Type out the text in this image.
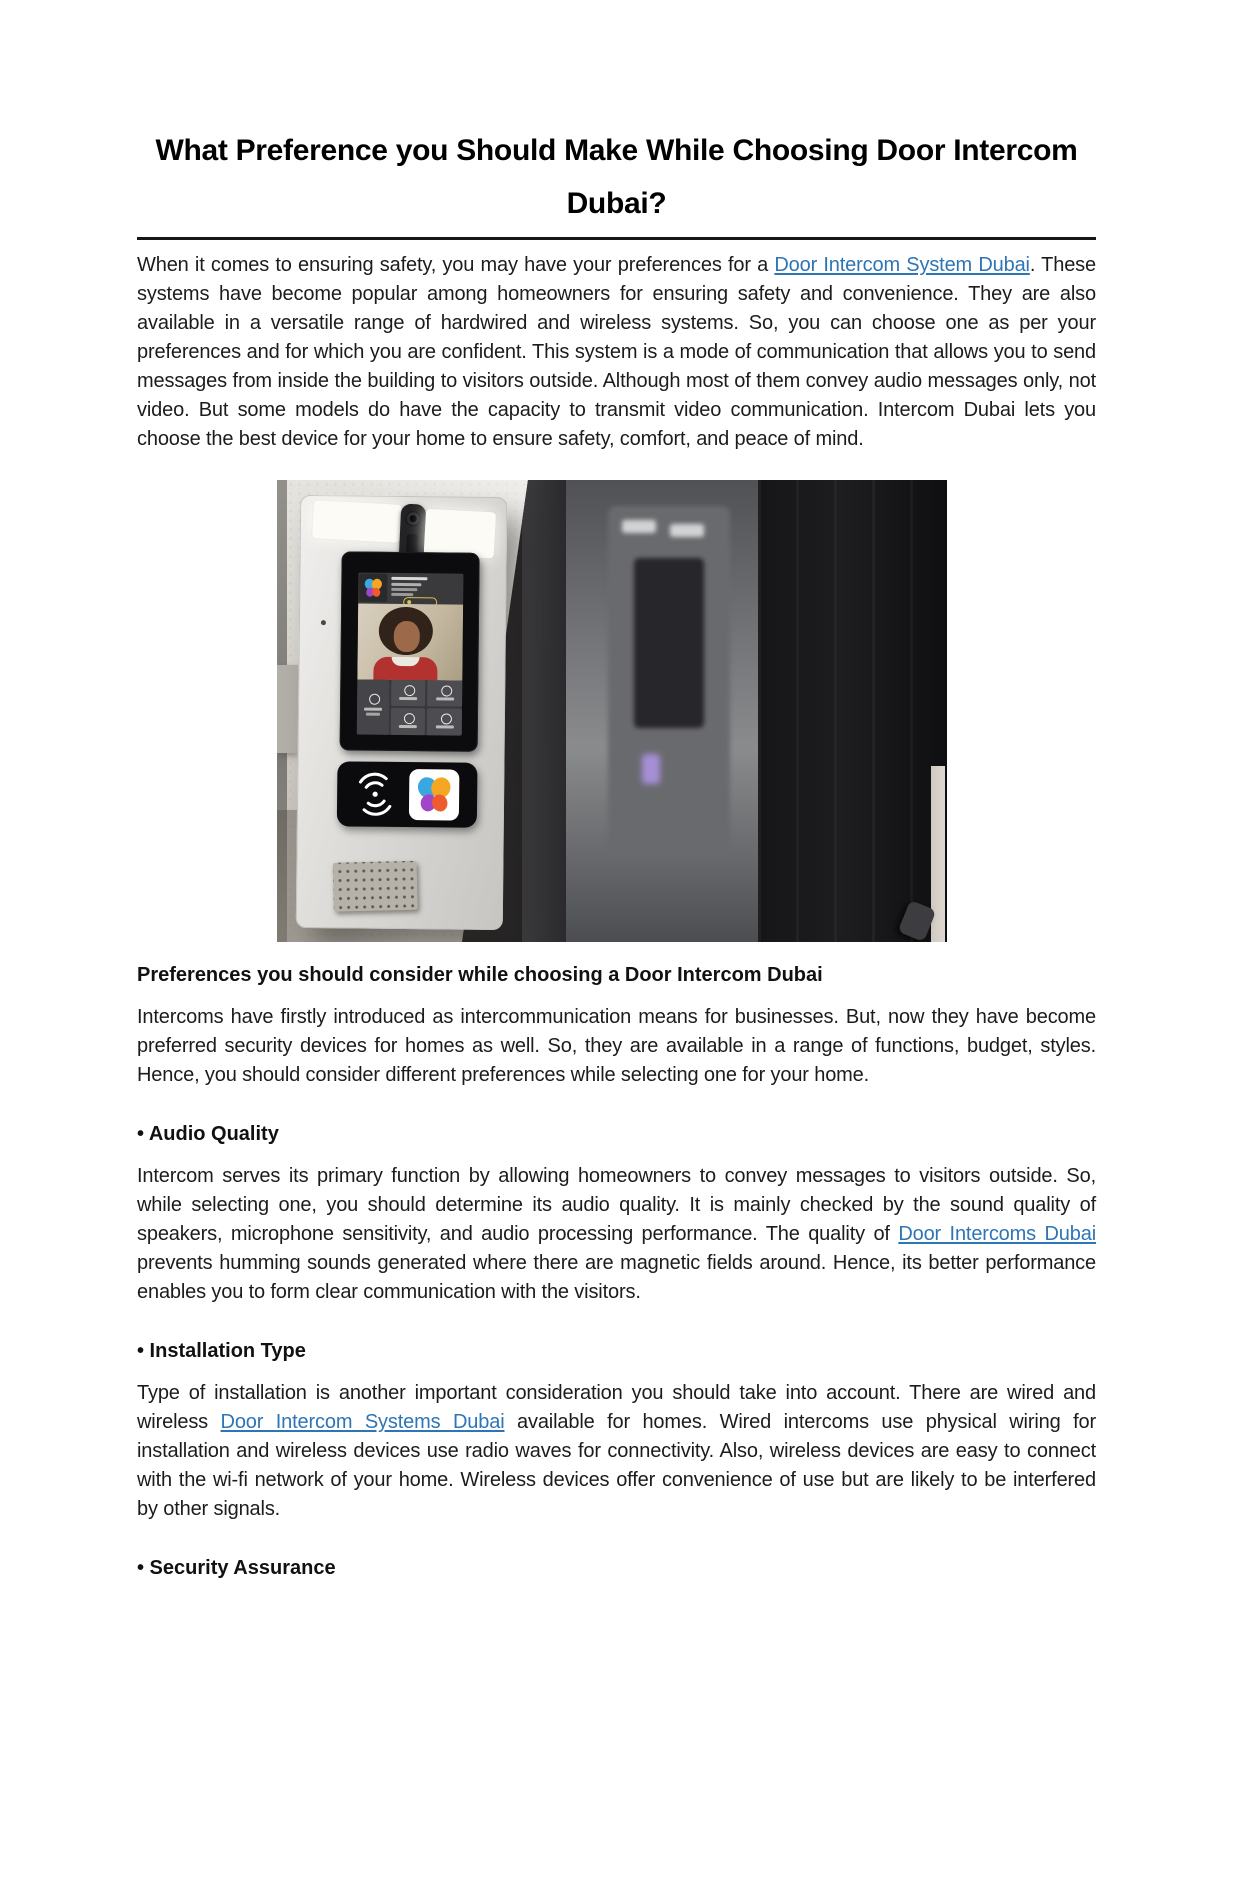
What Preference you Should Make While Choosing Door Intercom
Dubai?

When it comes to ensuring safety, you may have your preferences for a Door Intercom System Dubai. These systems have become popular among homeowners for ensuring safety and convenience. They are also available in a versatile range of hardwired and wireless systems. So, you can choose one as per your preferences and for which you are confident. This system is a mode of communication that allows you to send messages from inside the building to visitors outside. Although most of them convey audio messages only, not video. But some models do have the capacity to transmit video communication. Intercom Dubai lets you choose the best device for your home to ensure safety, comfort, and peace of mind.

Preferences you should consider while choosing a Door Intercom Dubai

Intercoms have firstly introduced as intercommunication means for businesses. But, now they have become preferred security devices for homes as well. So, they are available in a range of functions, budget, styles. Hence, you should consider different preferences while selecting one for your home.

• Audio Quality

Intercom serves its primary function by allowing homeowners to convey messages to visitors outside. So, while selecting one, you should determine its audio quality. It is mainly checked by the sound quality of speakers, microphone sensitivity, and audio processing performance. The quality of Door Intercoms Dubai prevents humming sounds generated where there are magnetic fields around. Hence, its better performance enables you to form clear communication with the visitors.

• Installation Type

Type of installation is another important consideration you should take into account. There are wired and wireless Door Intercom Systems Dubai available for homes. Wired intercoms use physical wiring for installation and wireless devices use radio waves for connectivity. Also, wireless devices are easy to connect with the wi-fi network of your home. Wireless devices offer convenience of use but are likely to be interfered by other signals.

• Security Assurance
